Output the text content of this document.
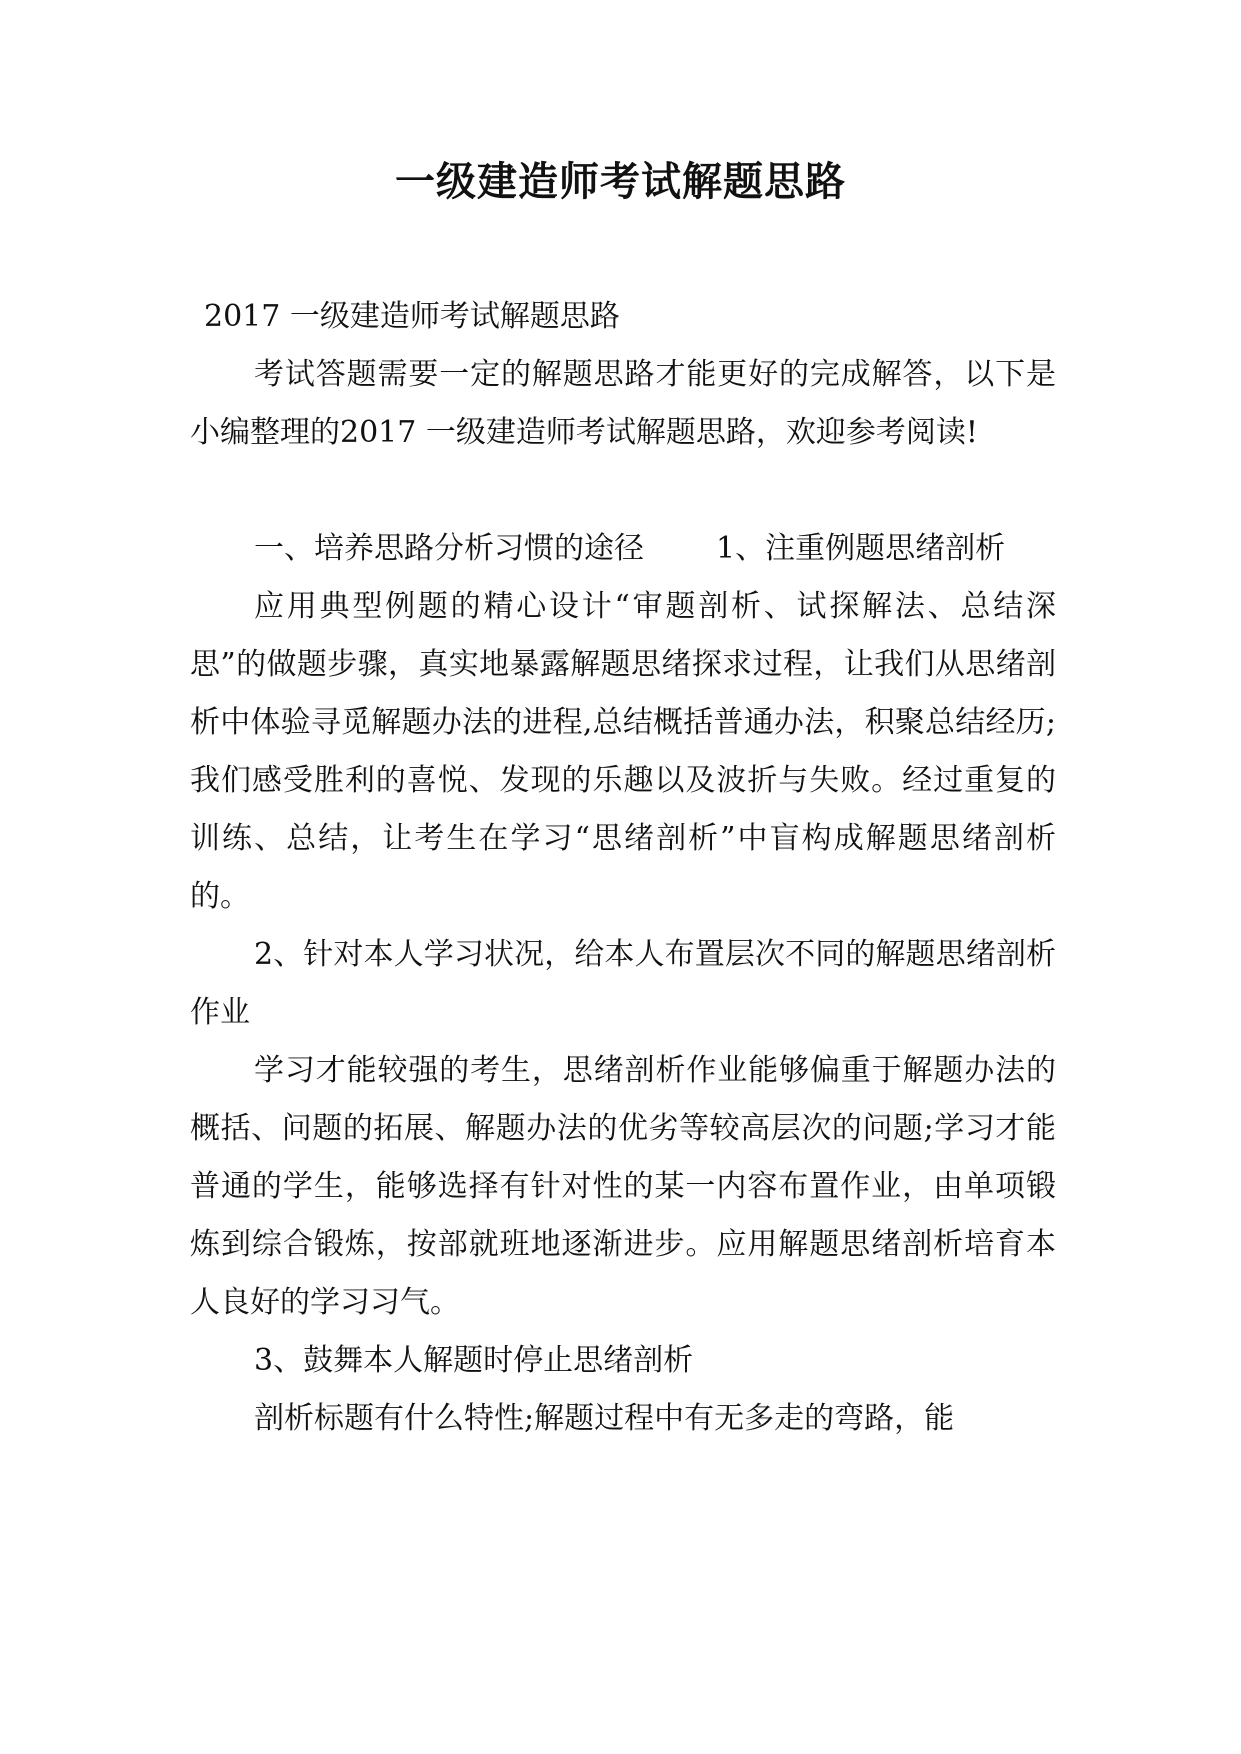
一级建造师考试解题思路

2017 一级建造师考试解题思路

考试答题需要一定的解题思路才能更好的完成解答，以下是小编整理的2017 一级建造师考试解题思路，欢迎参考阅读!

一、培养思路分析习惯的途径 1、注重例题思绪剖析

应用典型例题的精心设计“审题剖析、试探解法、总结深思”的做题步骤，真实地暴露解题思绪探求过程，让我们从思绪剖析中体验寻觅解题办法的进程,总结概括普通办法，积聚总结经历;我们感受胜利的喜悦、发现的乐趣以及波折与失败。经过重复的训练、总结，让考生在学习“思绪剖析”中盲构成解题思绪剖析的。

2、针对本人学习状况，给本人布置层次不同的解题思绪剖析作业

学习才能较强的考生，思绪剖析作业能够偏重于解题办法的概括、问题的拓展、解题办法的优劣等较高层次的问题;学习才能普通的学生，能够选择有针对性的某一内容布置作业，由单项锻炼到综合锻炼，按部就班地逐渐进步。应用解题思绪剖析培育本人良好的学习习气。

3、鼓舞本人解题时停止思绪剖析

剖析标题有什么特性;解题过程中有无多走的弯路，能
